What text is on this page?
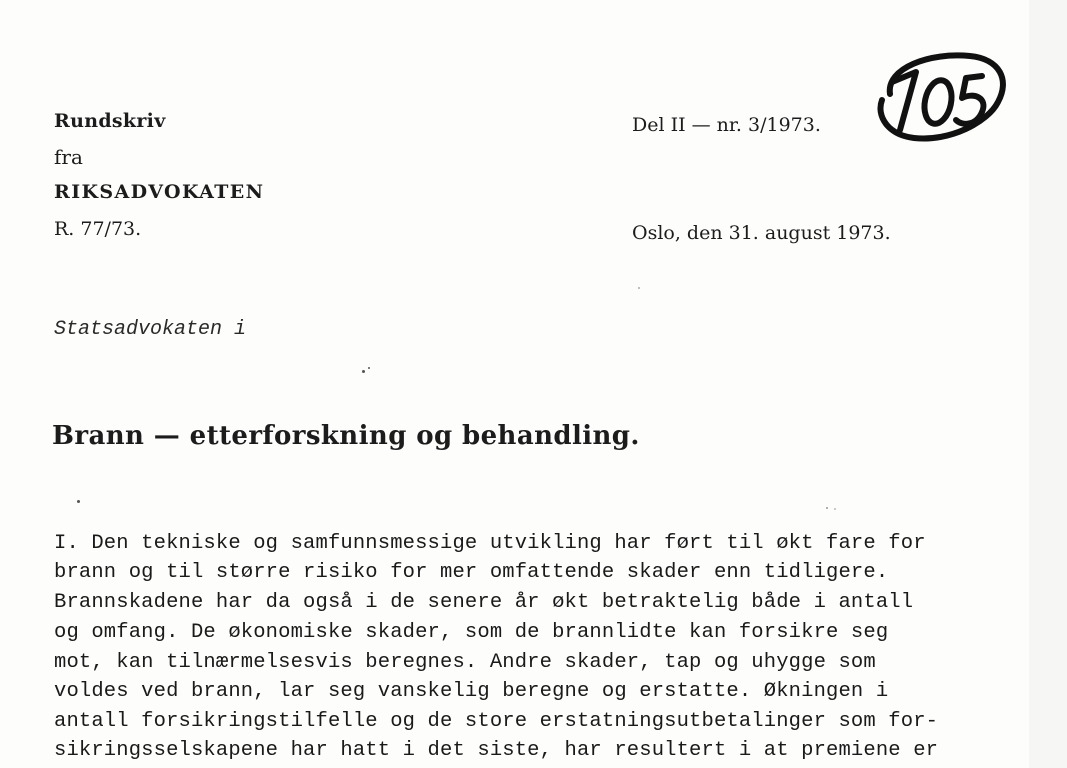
Rundskriv
fra
RIKSADVOKATEN
R. 77/73.
Del II — nr. 3/1973.
Oslo, den 31. august 1973.
Statsadvokaten i
Brann — etterforskning og behandling.
I. Den tekniske og samfunnsmessige utvikling har ført til økt fare for
brann og til større risiko for mer omfattende skader enn tidligere.
Brannskadene har da også i de senere år økt betraktelig både i antall
og omfang. De økonomiske skader, som de brannlidte kan forsikre seg
mot, kan tilnærmelsesvis beregnes. Andre skader, tap og uhygge som
voldes ved brann, lar seg vanskelig beregne og erstatte. Økningen i
antall forsikringstilfelle og de store erstatningsutbetalinger som for-
sikringsselskapene har hatt i det siste, har resultert i at premiene er
